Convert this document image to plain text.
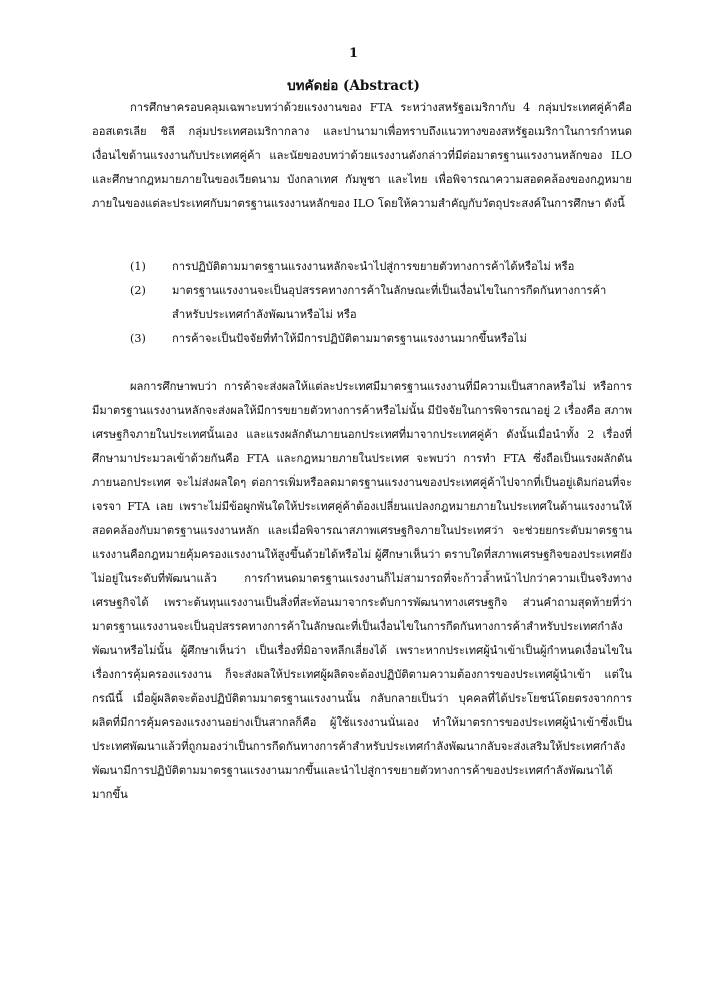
1
บทคัดย่อ (Abstract)

การศึกษาครอบคลุมเฉพาะบทว่าด้วยแรงงานของ FTA ระหว่างสหรัฐอเมริกากับ 4 กลุ่มประเทศคู่ค้าคือ ออสเตรเลีย ชิลี กลุ่มประเทศอเมริกากลาง และปานามาเพื่อทราบถึงแนวทางของสหรัฐอเมริกาในการกำหนดเงื่อนไขด้านแรงงานกับประเทศคู่ค้า และนัยของบทว่าด้วยแรงงานดังกล่าวที่มีต่อมาตรฐานแรงงานหลักของ ILO และศึกษากฎหมายภายในของเวียดนาม บังกลาเทศ กัมพูชา และไทย เพื่อพิจารณาความสอดคล้องของกฎหมายภายในของแต่ละประเทศกับมาตรฐานแรงงานหลักของ ILO โดยให้ความสำคัญกับวัตถุประสงค์ในการศึกษา ดังนี้

(1)	การปฏิบัติตามมาตรฐานแรงงานหลักจะนำไปสู่การขยายตัวทางการค้าได้หรือไม่ หรือ
(2)	มาตรฐานแรงงานจะเป็นอุปสรรคทางการค้าในลักษณะที่เป็นเงื่อนไขในการกีดกันทางการค้าสำหรับประเทศกำลังพัฒนาหรือไม่ หรือ
(3)	การค้าจะเป็นปัจจัยที่ทำให้มีการปฏิบัติตามมาตรฐานแรงงานมากขึ้นหรือไม่

ผลการศึกษาพบว่า การค้าจะส่งผลให้แต่ละประเทศมีมาตรฐานแรงงานที่มีความเป็นสากลหรือไม่ หรือการมีมาตรฐานแรงงานหลักจะส่งผลให้มีการขยายตัวทางการค้าหรือไม่นั้น มีปัจจัยในการพิจารณาอยู่ 2 เรื่องคือ สภาพเศรษฐกิจภายในประเทศนั้นเอง และแรงผลักดันภายนอกประเทศที่มาจากประเทศคู่ค้า ดังนั้นเมื่อนำทั้ง 2 เรื่องที่ศึกษามาประมวลเข้าด้วยกันคือ FTA และกฎหมายภายในประเทศ จะพบว่า การทำ FTA ซึ่งถือเป็นแรงผลักดันภายนอกประเทศ จะไม่ส่งผลใดๆ ต่อการเพิ่มหรือลดมาตรฐานแรงงานของประเทศคู่ค้าไปจากที่เป็นอยู่เดิมก่อนที่จะเจรจา FTA เลย เพราะไม่มีข้อผูกพันใดให้ประเทศคู่ค้าต้องเปลี่ยนแปลงกฎหมายภายในประเทศในด้านแรงงานให้สอดคล้องกับมาตรฐานแรงงานหลัก และเมื่อพิจารณาสภาพเศรษฐกิจภายในประเทศว่า จะช่วยยกระดับมาตรฐานแรงงานคือกฎหมายคุ้มครองแรงงานให้สูงขึ้นด้วยได้หรือไม่ ผู้ศึกษาเห็นว่า ตราบใดที่สภาพเศรษฐกิจของประเทศยังไม่อยู่ในระดับที่พัฒนาแล้ว การกำหนดมาตรฐานแรงงานก็ไม่สามารถที่จะก้าวล้ำหน้าไปกว่าความเป็นจริงทางเศรษฐกิจได้ เพราะต้นทุนแรงงานเป็นสิ่งที่สะท้อนมาจากระดับการพัฒนาทางเศรษฐกิจ ส่วนคำถามสุดท้ายที่ว่า มาตรฐานแรงงานจะเป็นอุปสรรคทางการค้าในลักษณะที่เป็นเงื่อนไขในการกีดกันทางการค้าสำหรับประเทศกำลังพัฒนาหรือไม่นั้น ผู้ศึกษาเห็นว่า เป็นเรื่องที่มิอาจหลีกเลี่ยงได้ เพราะหากประเทศผู้นำเข้าเป็นผู้กำหนดเงื่อนไขในเรื่องการคุ้มครองแรงงาน ก็จะส่งผลให้ประเทศผู้ผลิตจะต้องปฏิบัติตามความต้องการของประเทศผู้นำเข้า แต่ในกรณีนี้ เมื่อผู้ผลิตจะต้องปฏิบัติตามมาตรฐานแรงงานนั้น กลับกลายเป็นว่า บุคคลที่ได้ประโยชน์โดยตรงจากการผลิตที่มีการคุ้มครองแรงงานอย่างเป็นสากลก็คือ ผู้ใช้แรงงานนั่นเอง ทำให้มาตรการของประเทศผู้นำเข้าซึ่งเป็นประเทศพัฒนาแล้วที่ถูกมองว่าเป็นการกีดกันทางการค้าสำหรับประเทศกำลังพัฒนากลับจะส่งเสริมให้ประเทศกำลังพัฒนามีการปฏิบัติตามมาตรฐานแรงงานมากขึ้นและนำไปสู่การขยายตัวทางการค้าของประเทศกำลังพัฒนาได้มากขึ้น
